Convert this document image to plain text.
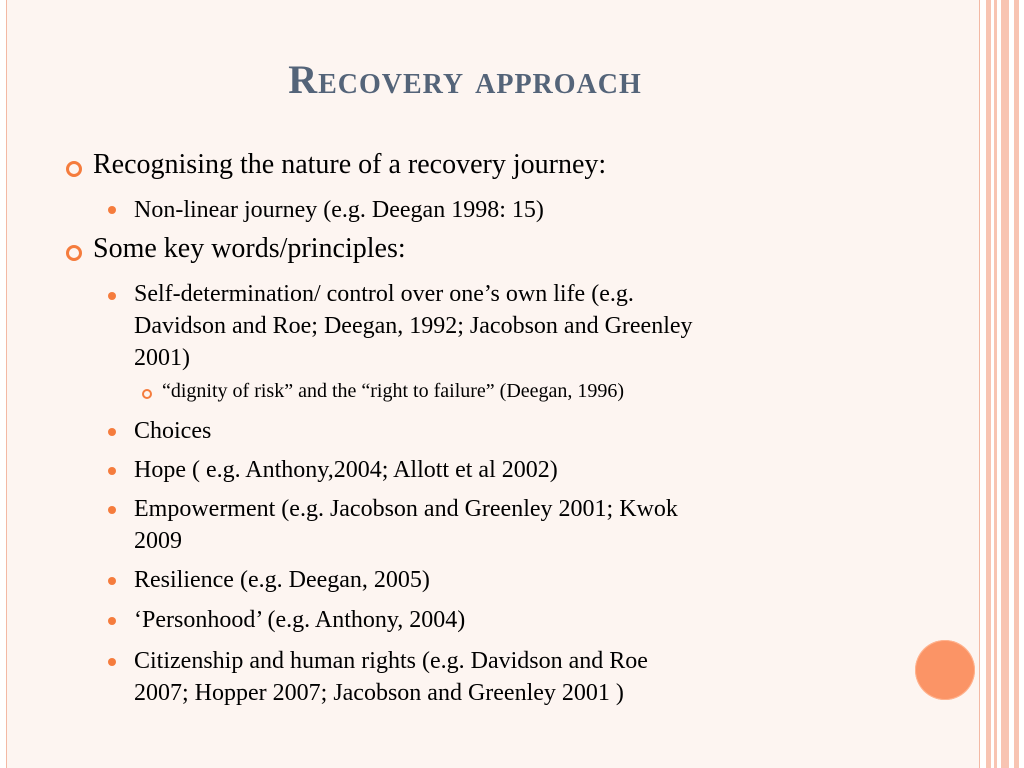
Recovery approach
Recognising the nature of a recovery journey:
Non-linear journey (e.g. Deegan 1998: 15)
Some key words/principles:
Self-determination/ control over one’s own life (e.g.
Davidson and Roe; Deegan, 1992; Jacobson and Greenley
2001)
“dignity of risk” and the “right to failure” (Deegan, 1996)
Choices
Hope ( e.g. Anthony,2004; Allott et al 2002)
Empowerment (e.g. Jacobson and Greenley 2001; Kwok
2009
Resilience (e.g. Deegan, 2005)
‘Personhood’ (e.g. Anthony, 2004)
Citizenship and human rights (e.g. Davidson and Roe
2007; Hopper 2007; Jacobson and Greenley 2001 )
